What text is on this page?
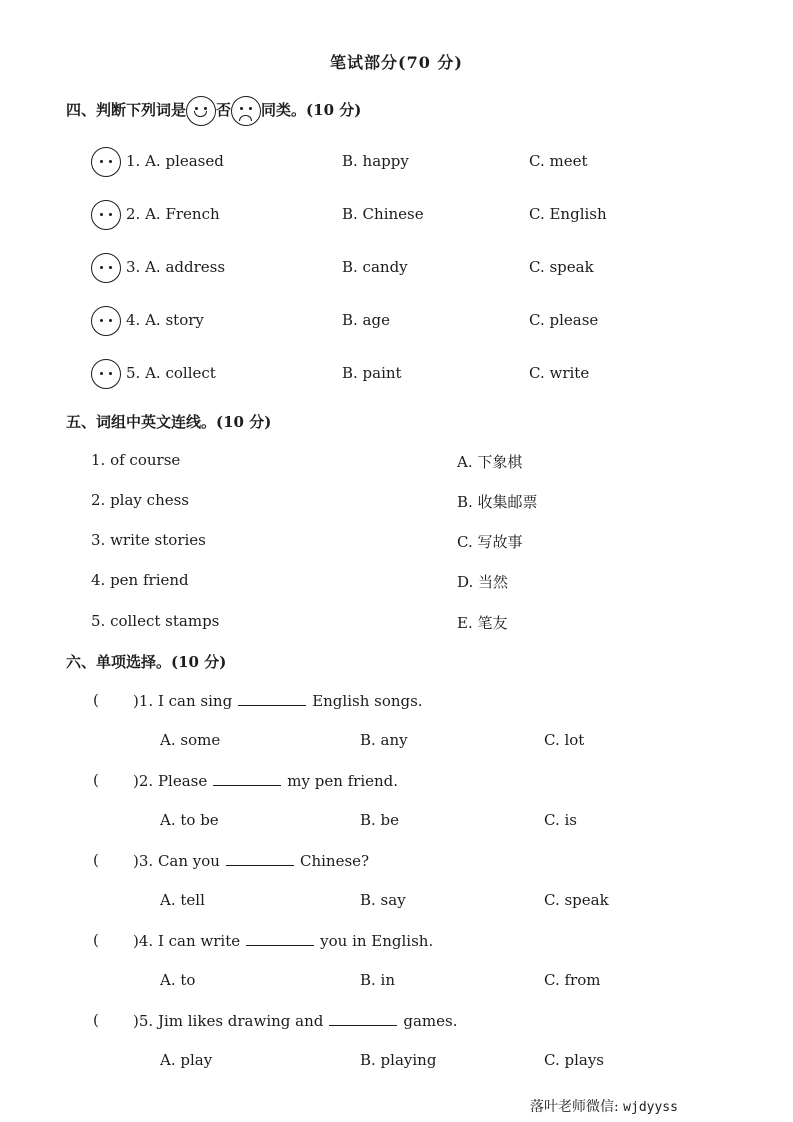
笔试部分(70 分)
四、判断下列词是 否 同类。(10 分)
1. A. pleased	B. happy	C. meet
2. A. French	B. Chinese	C. English
3. A. address	B. candy	C. speak
4. A. story	B. age	C. please
5. A. collect	B. paint	C. write
五、词组中英文连线。(10 分)
1. of course	A. 下象棋
2. play chess	B. 收集邮票
3. write stories	C. 写故事
4. pen friend	D. 当然
5. collect stamps	E. 笔友
六、单项选择。(10 分)
( )1. I can sing	English songs.
A. some	B. any	C. lot
( )2. Please	my pen friend.
A. to be	B. be	C. is
( )3. Can you	Chinese?
A. tell	B. say	C. speak
( )4. I can write	you in English.
A. to	B. in	C. from
( )5. Jim likes drawing and	games.
A. play	B. playing	C. plays
落叶老师微信: wjdyyss
